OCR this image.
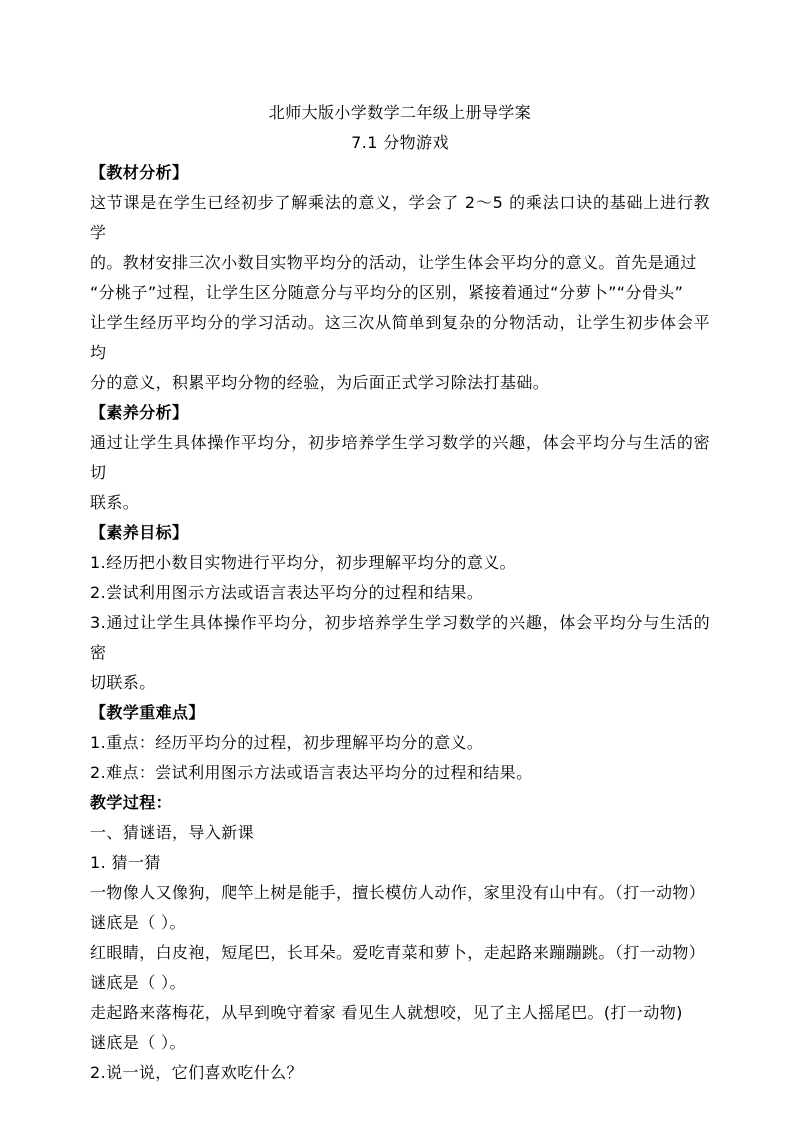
北师大版小学数学二年级上册导学案

7.1 分物游戏

【教材分析】

这节课是在学生已经初步了解乘法的意义，学会了 2～5 的乘法口诀的基础上进行教学

的。教材安排三次小数目实物平均分的活动，让学生体会平均分的意义。首先是通过

“分桃子”过程，让学生区分随意分与平均分的区别，紧接着通过“分萝卜”“分骨头”

让学生经历平均分的学习活动。这三次从简单到复杂的分物活动，让学生初步体会平均

分的意义，积累平均分物的经验，为后面正式学习除法打基础。

【素养分析】

通过让学生具体操作平均分，初步培养学生学习数学的兴趣，体会平均分与生活的密切

联系。

【素养目标】

1.经历把小数目实物进行平均分，初步理解平均分的意义。

2.尝试利用图示方法或语言表达平均分的过程和结果。

3.通过让学生具体操作平均分，初步培养学生学习数学的兴趣，体会平均分与生活的密

切联系。

【教学重难点】

1.重点：经历平均分的过程，初步理解平均分的意义。

2.难点：尝试利用图示方法或语言表达平均分的过程和结果。

教学过程：

一、猜谜语，导入新课

1. 猜一猜

一物像人又像狗，爬竿上树是能手，擅长模仿人动作，家里没有山中有。（打一动物）

谜底是（ ）。

红眼睛，白皮袍，短尾巴，长耳朵。爱吃青菜和萝卜，走起路来蹦蹦跳。（打一动物）

谜底是（ ）。

走起路来落梅花，从早到晚守着家 看见生人就想咬，见了主人摇尾巴。(打一动物)

谜底是（ ）。

2.说一说，它们喜欢吃什么？
